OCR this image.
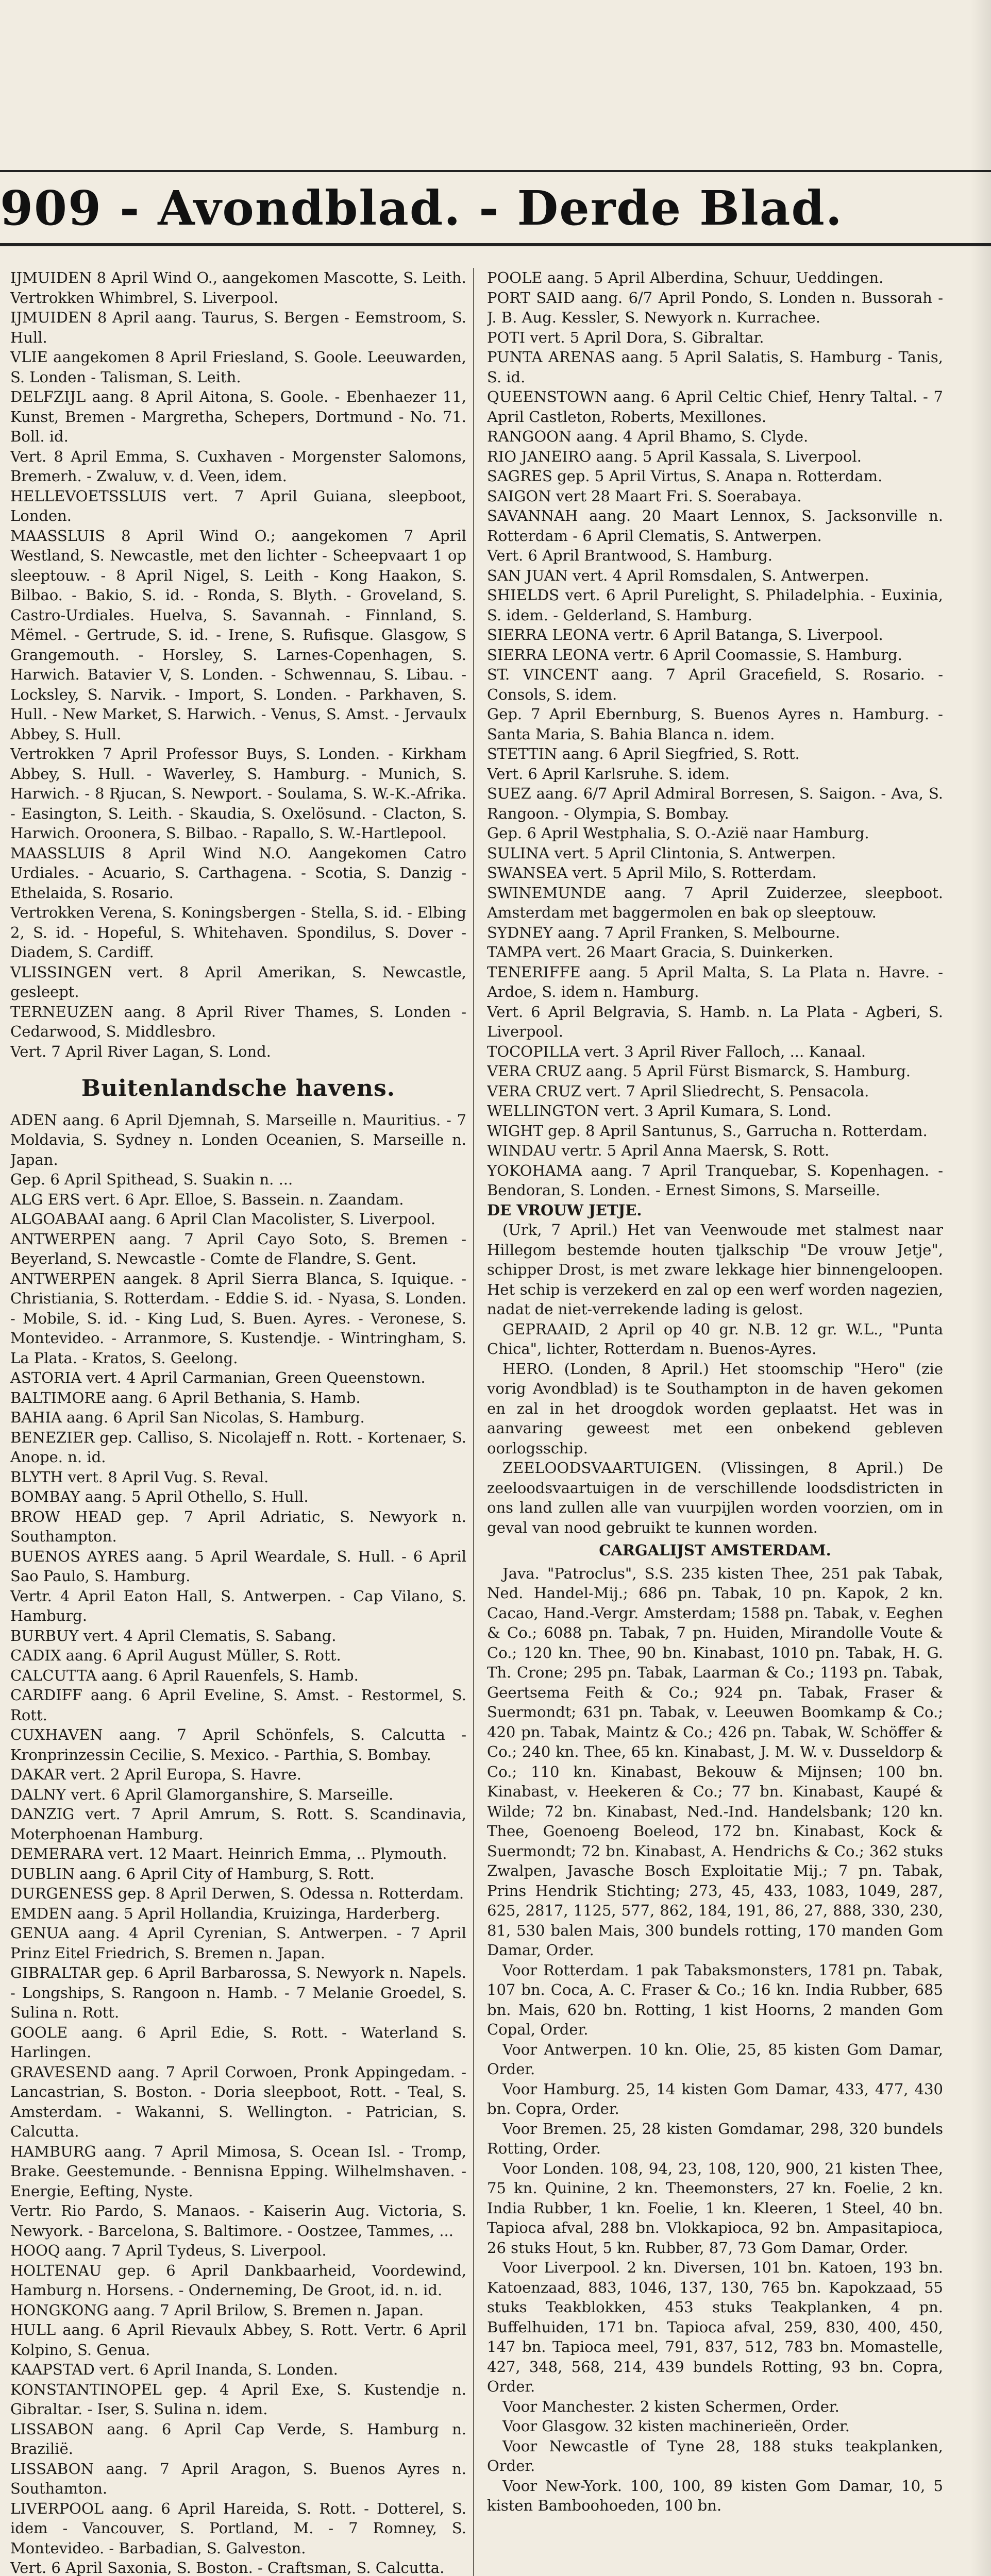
909 - Avondblad. - Derde Blad.
IJMUIDEN 8 April Wind O., aangekomen Mascotte, S. Leith.
Vertrokken Whimbrel, S. Liverpool.
IJMUIDEN 8 April aang. Taurus, S. Bergen - Eemstroom, S. Hull.
VLIE aangekomen 8 April Friesland, S. Goole. Leeuwarden, S. Londen - Talisman, S. Leith.
DELFZIJL aang. 8 April Aitona, S. Goole. - Ebenhaezer 11, Kunst, Bremen - Margretha, Schepers, Dortmund - No. 71. Boll. id.
Vert. 8 April Emma, S. Cuxhaven - Morgenster Salomons, Bremerh. - Zwaluw, v. d. Veen, idem.
HELLEVOETSSLUIS vert. 7 April Guiana, sleepboot, Londen.
MAASSLUIS 8 April Wind O.; aangekomen 7 April Westland, S. Newcastle, met den lichter - Scheepvaart 1 op sleeptouw. - 8 April Nigel, S. Leith - Kong Haakon, S. Bilbao. - Bakio, S. id. - Ronda, S. Blyth. - Groveland, S. Castro-Urdiales. Huelva, S. Savannah. - Finnland, S. Mëmel. - Gertrude, S. id. - Irene, S. Rufisque. Glasgow, S Grangemouth. - Horsley, S. Larnes-Copenhagen, S. Harwich. Batavier V, S. Londen. - Schwennau, S. Libau. - Locksley, S. Narvik. - Import, S. Londen. - Parkhaven, S. Hull. - New Market, S. Harwich. - Venus, S. Amst. - Jervaulx Abbey, S. Hull.
Vertrokken 7 April Professor Buys, S. Londen. - Kirkham Abbey, S. Hull. - Waverley, S. Hamburg. - Munich, S. Harwich. - 8 Rjucan, S. Newport. - Soulama, S. W.-K.-Afrika. - Easington, S. Leith. - Skaudia, S. Oxelösund. - Clacton, S. Harwich. Oroonera, S. Bilbao. - Rapallo, S. W.-Hartlepool.
MAASSLUIS 8 April Wind N.O. Aangekomen Catro Urdiales. - Acuario, S. Carthagena. - Scotia, S. Danzig - Ethelaida, S. Rosario.
Vertrokken Verena, S. Koningsbergen - Stella, S. id. - Elbing 2, S. id. - Hopeful, S. Whitehaven. Spondilus, S. Dover - Diadem, S. Cardiff.
VLISSINGEN vert. 8 April Amerikan, S. Newcastle, gesleept.
TERNEUZEN aang. 8 April River Thames, S. Londen - Cedarwood, S. Middlesbro.
Vert. 7 April River Lagan, S. Lond.
Buitenlandsche havens.
ADEN aang. 6 April Djemnah, S. Marseille n. Mauritius. - 7 Moldavia, S. Sydney n. Londen Oceanien, S. Marseille n. Japan.
Gep. 6 April Spithead, S. Suakin n. ...
ALG ERS vert. 6 Apr. Elloe, S. Bassein. n. Zaandam.
ALGOABAAI aang. 6 April Clan Macolister, S. Liverpool.
ANTWERPEN aang. 7 April Cayo Soto, S. Bremen - Beyerland, S. Newcastle - Comte de Flandre, S. Gent.
ANTWERPEN aangek. 8 April Sierra Blanca, S. Iquique. - Christiania, S. Rotterdam. - Eddie S. id. - Nyasa, S. Londen. - Mobile, S. id. - King Lud, S. Buen. Ayres. - Veronese, S. Montevideo. - Arranmore, S. Kustendje. - Wintringham, S. La Plata. - Kratos, S. Geelong.
ASTORIA vert. 4 April Carmanian, Green Queenstown.
BALTIMORE aang. 6 April Bethania, S. Hamb.
BAHIA aang. 6 April San Nicolas, S. Hamburg.
BENEZIER gep. Calliso, S. Nicolajeff n. Rott. - Kortenaer, S. Anope. n. id.
BLYTH vert. 8 April Vug. S. Reval.
BOMBAY aang. 5 April Othello, S. Hull.
BROW HEAD gep. 7 April Adriatic, S. Newyork n. Southampton.
BUENOS AYRES aang. 5 April Weardale, S. Hull. - 6 April Sao Paulo, S. Hamburg.
Vertr. 4 April Eaton Hall, S. Antwerpen. - Cap Vilano, S. Hamburg.
BURBUY vert. 4 April Clematis, S. Sabang.
CADIX aang. 6 April August Müller, S. Rott.
CALCUTTA aang. 6 April Rauenfels, S. Hamb.
CARDIFF aang. 6 April Eveline, S. Amst. - Restormel, S. Rott.
CUXHAVEN aang. 7 April Schönfels, S. Calcutta - Kronprinzessin Cecilie, S. Mexico. - Parthia, S. Bombay.
DAKAR vert. 2 April Europa, S. Havre.
DALNY vert. 6 April Glamorganshire, S. Marseille.
DANZIG vert. 7 April Amrum, S. Rott. S. Scandinavia, Moterphoenan Hamburg.
DEMERARA vert. 12 Maart. Heinrich Emma, .. Plymouth.
DUBLIN aang. 6 April City of Hamburg, S. Rott.
DURGENESS gep. 8 April Derwen, S. Odessa n. Rotterdam.
EMDEN aang. 5 April Hollandia, Kruizinga, Harderberg.
GENUA aang. 4 April Cyrenian, S. Antwerpen. - 7 April Prinz Eitel Friedrich, S. Bremen n. Japan.
GIBRALTAR gep. 6 April Barbarossa, S. Newyork n. Napels. - Longships, S. Rangoon n. Hamb. - 7 Melanie Groedel, S. Sulina n. Rott.
GOOLE aang. 6 April Edie, S. Rott. - Waterland S. Harlingen.
GRAVESEND aang. 7 April Corwoen, Pronk Appingedam. - Lancastrian, S. Boston. - Doria sleepboot, Rott. - Teal, S. Amsterdam. - Wakanni, S. Wellington. - Patrician, S. Calcutta.
HAMBURG aang. 7 April Mimosa, S. Ocean Isl. - Tromp, Brake. Geestemunde. - Bennisna Epping. Wilhelmshaven. - Energie, Eefting, Nyste.
Vertr. Rio Pardo, S. Manaos. - Kaiserin Aug. Victoria, S. Newyork. - Barcelona, S. Baltimore. - Oostzee, Tammes, ...
HOOQ aang. 7 April Tydeus, S. Liverpool.
HOLTENAU gep. 6 April Dankbaarheid, Voordewind, Hamburg n. Horsens. - Onderneming, De Groot, id. n. id.
HONGKONG aang. 7 April Brilow, S. Bremen n. Japan.
HULL aang. 6 April Rievaulx Abbey, S. Rott. Vertr. 6 April Kolpino, S. Genua.
KAAPSTAD vert. 6 April Inanda, S. Londen.
KONSTANTINOPEL gep. 4 April Exe, S. Kustendje n. Gibraltar. - Iser, S. Sulina n. idem.
LISSABON aang. 6 April Cap Verde, S. Hamburg n. Brazilië.
LISSABON aang. 7 April Aragon, S. Buenos Ayres n. Southamton.
LIVERPOOL aang. 6 April Hareida, S. Rott. - Dotterel, S. idem - Vancouver, S. Portland, M. - 7 Romney, S. Montevideo. - Barbadian, S. Galveston.
Vert. 6 April Saxonia, S. Boston. - Craftsman, S. Calcutta.
POOLE aang. 5 April Alberdina, Schuur, Ueddingen.
PORT SAID aang. 6/7 April Pondo, S. Londen n. Bussorah - J. B. Aug. Kessler, S. Newyork n. Kurrachee.
POTI vert. 5 April Dora, S. Gibraltar.
PUNTA ARENAS aang. 5 April Salatis, S. Hamburg - Tanis, S. id.
QUEENSTOWN aang. 6 April Celtic Chief, Henry Taltal. - 7 April Castleton, Roberts, Mexillones.
RANGOON aang. 4 April Bhamo, S. Clyde.
RIO JANEIRO aang. 5 April Kassala, S. Liverpool.
SAGRES gep. 5 April Virtus, S. Anapa n. Rotterdam.
SAIGON vert 28 Maart Fri. S. Soerabaya.
SAVANNAH aang. 20 Maart Lennox, S. Jacksonville n. Rotterdam - 6 April Clematis, S. Antwerpen.
Vert. 6 April Brantwood, S. Hamburg.
SAN JUAN vert. 4 April Romsdalen, S. Antwerpen.
SHIELDS vert. 6 April Purelight, S. Philadelphia. - Euxinia, S. idem. - Gelderland, S. Hamburg.
SIERRA LEONA vertr. 6 April Batanga, S. Liverpool.
SIERRA LEONA vertr. 6 April Coomassie, S. Hamburg.
ST. VINCENT aang. 7 April Gracefield, S. Rosario. - Consols, S. idem.
Gep. 7 April Ebernburg, S. Buenos Ayres n. Hamburg. - Santa Maria, S. Bahia Blanca n. idem.
STETTIN aang. 6 April Siegfried, S. Rott.
Vert. 6 April Karlsruhe. S. idem.
SUEZ aang. 6/7 April Admiral Borresen, S. Saigon. - Ava, S. Rangoon. - Olympia, S. Bombay.
Gep. 6 April Westphalia, S. O.-Azië naar Hamburg.
SULINA vert. 5 April Clintonia, S. Antwerpen.
SWANSEA vert. 5 April Milo, S. Rotterdam.
SWINEMUNDE aang. 7 April Zuiderzee, sleepboot. Amsterdam met baggermolen en bak op sleeptouw.
SYDNEY aang. 7 April Franken, S. Melbourne.
TAMPA vert. 26 Maart Gracia, S. Duinkerken.
TENERIFFE aang. 5 April Malta, S. La Plata n. Havre. - Ardoe, S. idem n. Hamburg.
Vert. 6 April Belgravia, S. Hamb. n. La Plata - Agberi, S. Liverpool.
TOCOPILLA vert. 3 April River Falloch, ... Kanaal.
VERA CRUZ aang. 5 April Fürst Bismarck, S. Hamburg.
VERA CRUZ vert. 7 April Sliedrecht, S. Pensacola.
WELLINGTON vert. 3 April Kumara, S. Lond.
WIGHT gep. 8 April Santunus, S., Garrucha n. Rotterdam.
WINDAU vertr. 5 April Anna Maersk, S. Rott.
YOKOHAMA aang. 7 April Tranquebar, S. Kopenhagen. - Bendoran, S. Londen. - Ernest Simons, S. Marseille.
DE VROUW JETJE.
(Urk, 7 April.) Het van Veenwoude met stalmest naar Hillegom bestemde houten tjalkschip "De vrouw Jetje", schipper Drost, is met zware lekkage hier binnengeloopen. Het schip is verzekerd en zal op een werf worden nagezien, nadat de niet-verrekende lading is gelost.
GEPRAAID, 2 April op 40 gr. N.B. 12 gr. W.L., "Punta Chica", lichter, Rotterdam n. Buenos-Ayres.
HERO. (Londen, 8 April.) Het stoomschip "Hero" (zie vorig Avondblad) is te Southampton in de haven gekomen en zal in het droogdok worden geplaatst. Het was in aanvaring geweest met een onbekend gebleven oorlogsschip.
ZEELOODSVAARTUIGEN. (Vlissingen, 8 April.) De zeeloodsvaartuigen in de verschillende loodsdistricten in ons land zullen alle van vuurpijlen worden voorzien, om in geval van nood gebruikt te kunnen worden.
CARGALIJST AMSTERDAM.
Java. "Patroclus", S.S. 235 kisten Thee, 251 pak Tabak, Ned. Handel-Mij.; 686 pn. Tabak, 10 pn. Kapok, 2 kn. Cacao, Hand.-Vergr. Amsterdam; 1588 pn. Tabak, v. Eeghen & Co.; 6088 pn. Tabak, 7 pn. Huiden, Mirandolle Voute & Co.; 120 kn. Thee, 90 bn. Kinabast, 1010 pn. Tabak, H. G. Th. Crone; 295 pn. Tabak, Laarman & Co.; 1193 pn. Tabak, Geertsema Feith & Co.; 924 pn. Tabak, Fraser & Suermondt; 631 pn. Tabak, v. Leeuwen Boomkamp & Co.; 420 pn. Tabak, Maintz & Co.; 426 pn. Tabak, W. Schöffer & Co.; 240 kn. Thee, 65 kn. Kinabast, J. M. W. v. Dusseldorp & Co.; 110 kn. Kinabast, Bekouw & Mijnsen; 100 bn. Kinabast, v. Heekeren & Co.; 77 bn. Kinabast, Kaupé & Wilde; 72 bn. Kinabast, Ned.-Ind. Handelsbank; 120 kn. Thee, Goenoeng Boeleod, 172 bn. Kinabast, Kock & Suermondt; 72 bn. Kinabast, A. Hendrichs & Co.; 362 stuks Zwalpen, Javasche Bosch Exploitatie Mij.; 7 pn. Tabak, Prins Hendrik Stichting; 273, 45, 433, 1083, 1049, 287, 625, 2817, 1125, 577, 862, 184, 191, 86, 27, 888, 330, 230, 81, 530 balen Mais, 300 bundels rotting, 170 manden Gom Damar, Order.
Voor Rotterdam. 1 pak Tabaksmonsters, 1781 pn. Tabak, 107 bn. Coca, A. C. Fraser & Co.; 16 kn. India Rubber, 685 bn. Mais, 620 bn. Rotting, 1 kist Hoorns, 2 manden Gom Copal, Order.
Voor Antwerpen. 10 kn. Olie, 25, 85 kisten Gom Damar, Order.
Voor Hamburg. 25, 14 kisten Gom Damar, 433, 477, 430 bn. Copra, Order.
Voor Bremen. 25, 28 kisten Gomdamar, 298, 320 bundels Rotting, Order.
Voor Londen. 108, 94, 23, 108, 120, 900, 21 kisten Thee, 75 kn. Quinine, 2 kn. Theemonsters, 27 kn. Foelie, 2 kn. India Rubber, 1 kn. Foelie, 1 kn. Kleeren, 1 Steel, 40 bn. Tapioca afval, 288 bn. Vlokkapioca, 92 bn. Ampasitapioca, 26 stuks Hout, 5 kn. Rubber, 87, 73 Gom Damar, Order.
Voor Liverpool. 2 kn. Diversen, 101 bn. Katoen, 193 bn. Katoenzaad, 883, 1046, 137, 130, 765 bn. Kapokzaad, 55 stuks Teakblokken, 453 stuks Teakplanken, 4 pn. Buffelhuiden, 171 bn. Tapioca afval, 259, 830, 400, 450, 147 bn. Tapioca meel, 791, 837, 512, 783 bn. Momastelle, 427, 348, 568, 214, 439 bundels Rotting, 93 bn. Copra, Order.
Voor Manchester. 2 kisten Schermen, Order.
Voor Glasgow. 32 kisten machinerieën, Order.
Voor Newcastle of Tyne 28, 188 stuks teakplanken, Order.
Voor New-York. 100, 100, 89 kisten Gom Damar, 10, 5 kisten Bamboohoeden, 100 bn.
